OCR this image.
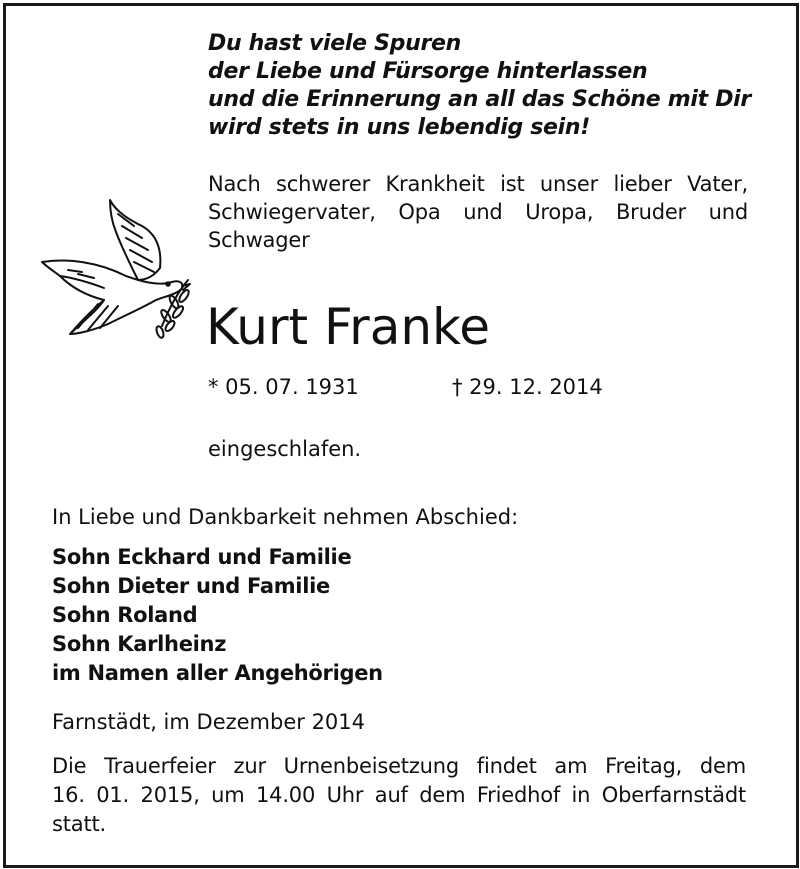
Du hast viele Spuren
der Liebe und Fürsorge hinterlassen
und die Erinnerung an all das Schöne mit Dir
wird stets in uns lebendig sein!
Nach schwerer Krankheit ist unser lieber Vater,
Schwiegervater, Opa und Uropa, Bruder und
Schwager
Kurt Franke
* 05. 07. 1931	† 29. 12. 2014
eingeschlafen.
In Liebe und Dankbarkeit nehmen Abschied:
Sohn Eckhard und Familie
Sohn Dieter und Familie
Sohn Roland
Sohn Karlheinz
im Namen aller Angehörigen
Farnstädt, im Dezember 2014
Die Trauerfeier zur Urnenbeisetzung findet am Freitag, dem
16. 01. 2015, um 14.00 Uhr auf dem Friedhof in Oberfarnstädt
statt.
